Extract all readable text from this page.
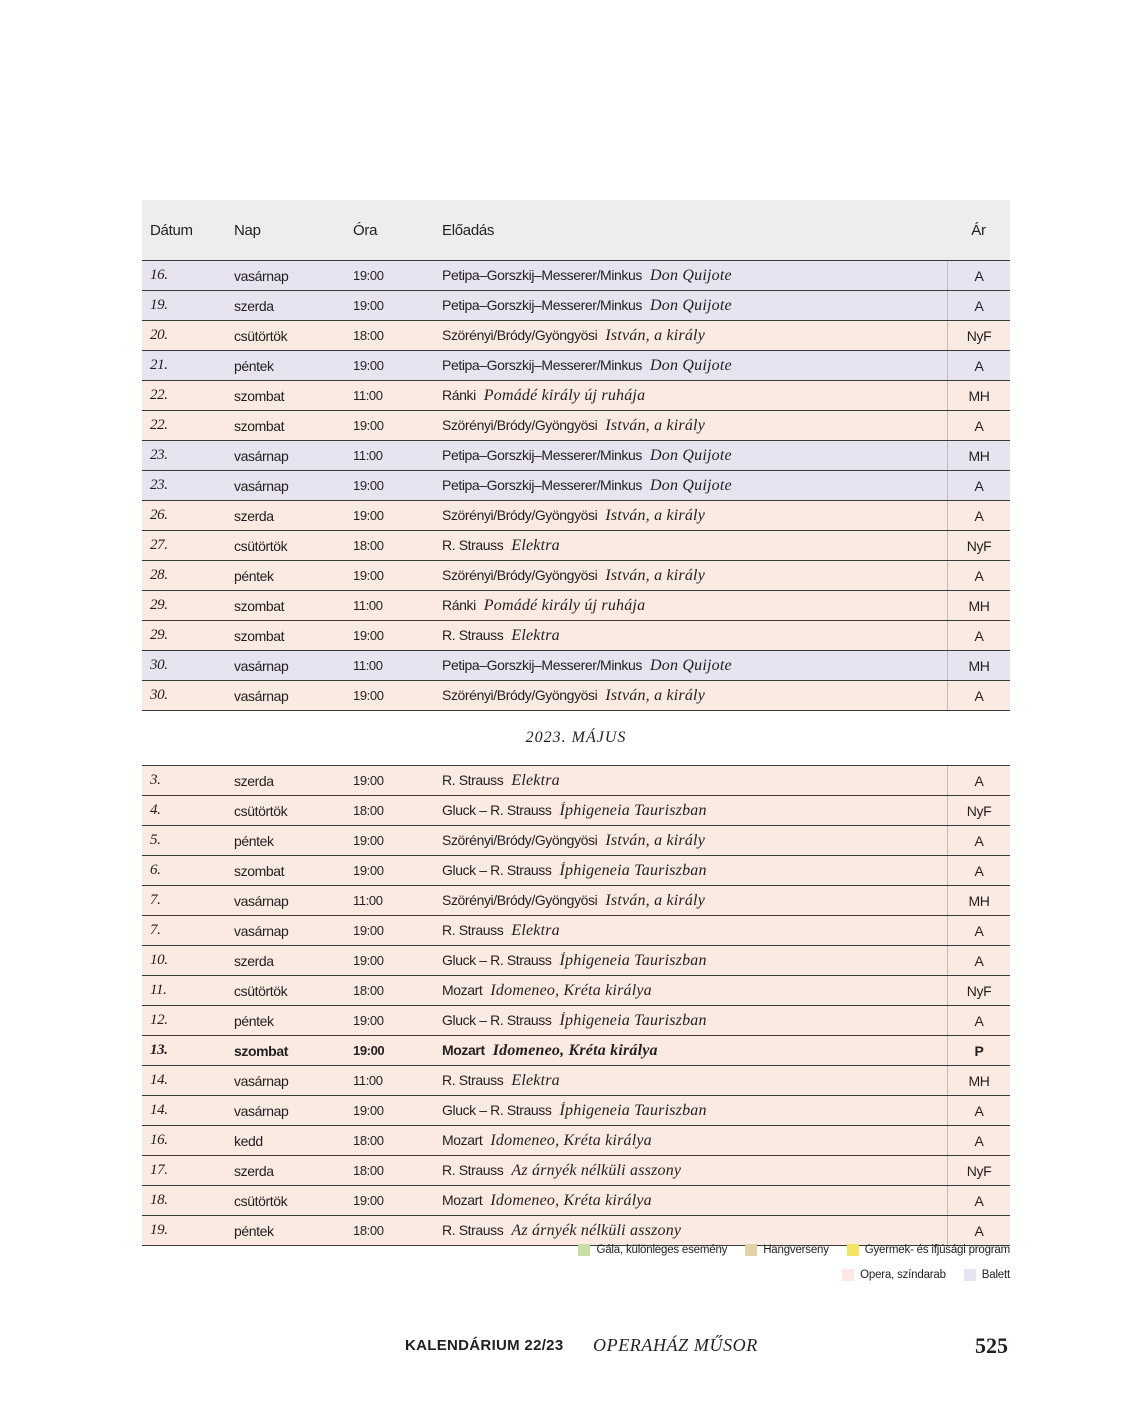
Dátum	Nap	Óra	Előadás	Ár
16.	vasárnap	19:00	Petipa–Gorszkij–Messerer/Minkus Don Quijote	A
19.	szerda	19:00	Petipa–Gorszkij–Messerer/Minkus Don Quijote	A
20.	csütörtök	18:00	Szörényi/Bródy/Gyöngyösi István, a király	NyF
21.	péntek	19:00	Petipa–Gorszkij–Messerer/Minkus Don Quijote	A
22.	szombat	11:00	Ránki Pomádé király új ruhája	MH
22.	szombat	19:00	Szörényi/Bródy/Gyöngyösi István, a király	A
23.	vasárnap	11:00	Petipa–Gorszkij–Messerer/Minkus Don Quijote	MH
23.	vasárnap	19:00	Petipa–Gorszkij–Messerer/Minkus Don Quijote	A
26.	szerda	19:00	Szörényi/Bródy/Gyöngyösi István, a király	A
27.	csütörtök	18:00	R. Strauss Elektra	NyF
28.	péntek	19:00	Szörényi/Bródy/Gyöngyösi István, a király	A
29.	szombat	11:00	Ránki Pomádé király új ruhája	MH
29.	szombat	19:00	R. Strauss Elektra	A
30.	vasárnap	11:00	Petipa–Gorszkij–Messerer/Minkus Don Quijote	MH
30.	vasárnap	19:00	Szörényi/Bródy/Gyöngyösi István, a király	A
2023. MÁJUS
3.	szerda	19:00	R. Strauss Elektra	A
4.	csütörtök	18:00	Gluck – R. Strauss Íphigeneia Tauriszban	NyF
5.	péntek	19:00	Szörényi/Bródy/Gyöngyösi István, a király	A
6.	szombat	19:00	Gluck – R. Strauss Íphigeneia Tauriszban	A
7.	vasárnap	11:00	Szörényi/Bródy/Gyöngyösi István, a király	MH
7.	vasárnap	19:00	R. Strauss Elektra	A
10.	szerda	19:00	Gluck – R. Strauss Íphigeneia Tauriszban	A
11.	csütörtök	18:00	Mozart Idomeneo, Kréta királya	NyF
12.	péntek	19:00	Gluck – R. Strauss Íphigeneia Tauriszban	A
13.	szombat	19:00	Mozart Idomeneo, Kréta királya	P
14.	vasárnap	11:00	R. Strauss Elektra	MH
14.	vasárnap	19:00	Gluck – R. Strauss Íphigeneia Tauriszban	A
16.	kedd	18:00	Mozart Idomeneo, Kréta királya	A
17.	szerda	18:00	R. Strauss Az árnyék nélküli asszony	NyF
18.	csütörtök	19:00	Mozart Idomeneo, Kréta királya	A
19.	péntek	18:00	R. Strauss Az árnyék nélküli asszony	A
Gála, különleges esemény	Hangverseny	Gyermek- és ifjúsági program
Opera, színdarab	Balett
KALENDÁRIUM 22/23 OPERAHÁZ MŰSOR	525
